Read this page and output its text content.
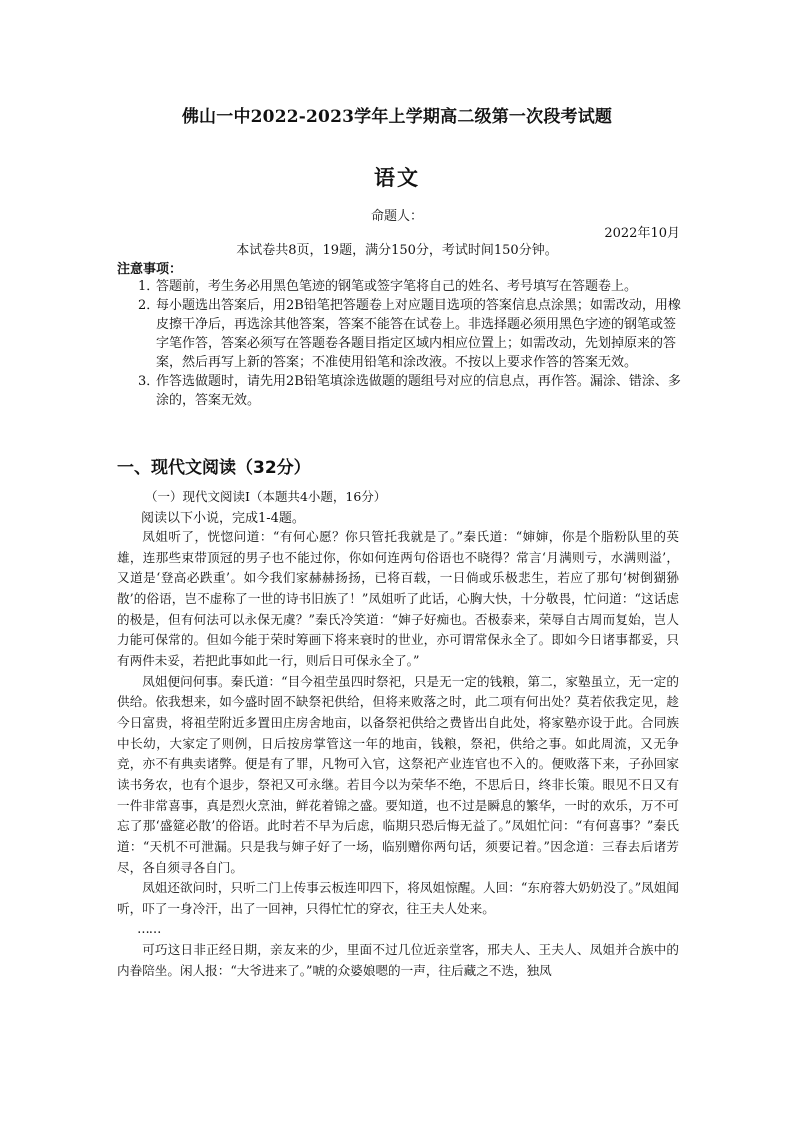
佛山一中2022-2023学年上学期高二级第一次段考试题
语文
命题人：
2022年10月
本试卷共8页，19题，满分150分，考试时间150分钟。
注意事项：
1．
答题前，考生务必用黑色笔迹的钢笔或签字笔将自己的姓名、考号填写在答题卷上。
2．
每小题选出答案后，用2B铅笔把答题卷上对应题目选项的答案信息点涂黑；如需改动，用橡皮擦干净后，再选涂其他答案，答案不能答在试卷上。非选择题必须用黑色字迹的钢笔或签字笔作答，答案必须写在答题卷各题目指定区域内相应位置上；如需改动，先划掉原来的答案，然后再写上新的答案；不准使用铅笔和涂改液。不按以上要求作答的答案无效。
3．
作答选做题时，请先用2B铅笔填涂选做题的题组号对应的信息点，再作答。漏涂、错涂、多涂的，答案无效。
一、现代文阅读（32分）
（一）现代文阅读Ⅰ（本题共4小题，16分）
阅读以下小说，完成1-4题。

凤姐听了，恍惚问道：“有何心愿？你只管托我就是了。”秦氏道：“婶婶，你是个脂粉队里的英雄，连那些束带顶冠的男子也不能过你，你如何连两句俗语也不晓得？常言‘月满则亏，水满则溢’，又道是‘登高必跌重’。如今我们家赫赫扬扬，已将百载，一日倘或乐极悲生，若应了那句‘树倒猢狲散’的俗语，岂不虚称了一世的诗书旧族了！”凤姐听了此话，心胸大快，十分敬畏，忙问道：“这话虑的极是，但有何法可以永保无虞？”秦氏冷笑道：“婶子好痴也。否极泰来，荣辱自古周而复始，岂人力能可保常的。但如今能于荣时筹画下将来衰时的世业，亦可谓常保永全了。即如今日诸事都妥，只有两件未妥，若把此事如此一行，则后日可保永全了。”

凤姐便问何事。秦氏道：“目今祖茔虽四时祭祀，只是无一定的钱粮，第二，家塾虽立，无一定的供给。依我想来，如今盛时固不缺祭祀供给，但将来败落之时，此二项有何出处？莫若依我定见，趁今日富贵，将祖茔附近多置田庄房舍地亩，以备祭祀供给之费皆出自此处，将家塾亦设于此。合同族中长幼，大家定了则例，日后按房掌管这一年的地亩，钱粮，祭祀，供给之事。如此周流，又无争竞，亦不有典卖诸弊。便是有了罪，凡物可入官，这祭祀产业连官也不入的。便败落下来，子孙回家读书务农，也有个退步，祭祀又可永继。若目今以为荣华不绝，不思后日，终非长策。眼见不日又有一件非常喜事，真是烈火烹油，鲜花着锦之盛。要知道，也不过是瞬息的繁华，一时的欢乐，万不可忘了那‘盛筵必散’的俗语。此时若不早为后虑，临期只恐后悔无益了。”凤姐忙问：“有何喜事？”秦氏道：“天机不可泄漏。只是我与婶子好了一场，临别赠你两句话，须要记着。”因念道：三春去后诸芳尽，各自须寻各自门。

凤姐还欲问时，只听二门上传事云板连叩四下，将凤姐惊醒。人回：“东府蓉大奶奶没了。”凤姐闻听，吓了一身冷汗，出了一回神，只得忙忙的穿衣，往王夫人处来。

……

可巧这日非正经日期，亲友来的少，里面不过几位近亲堂客，邢夫人、王夫人、凤姐并合族中的内眷陪坐。闲人报：“大爷进来了。”唬的众婆娘嗯的一声，往后藏之不迭，独凤
